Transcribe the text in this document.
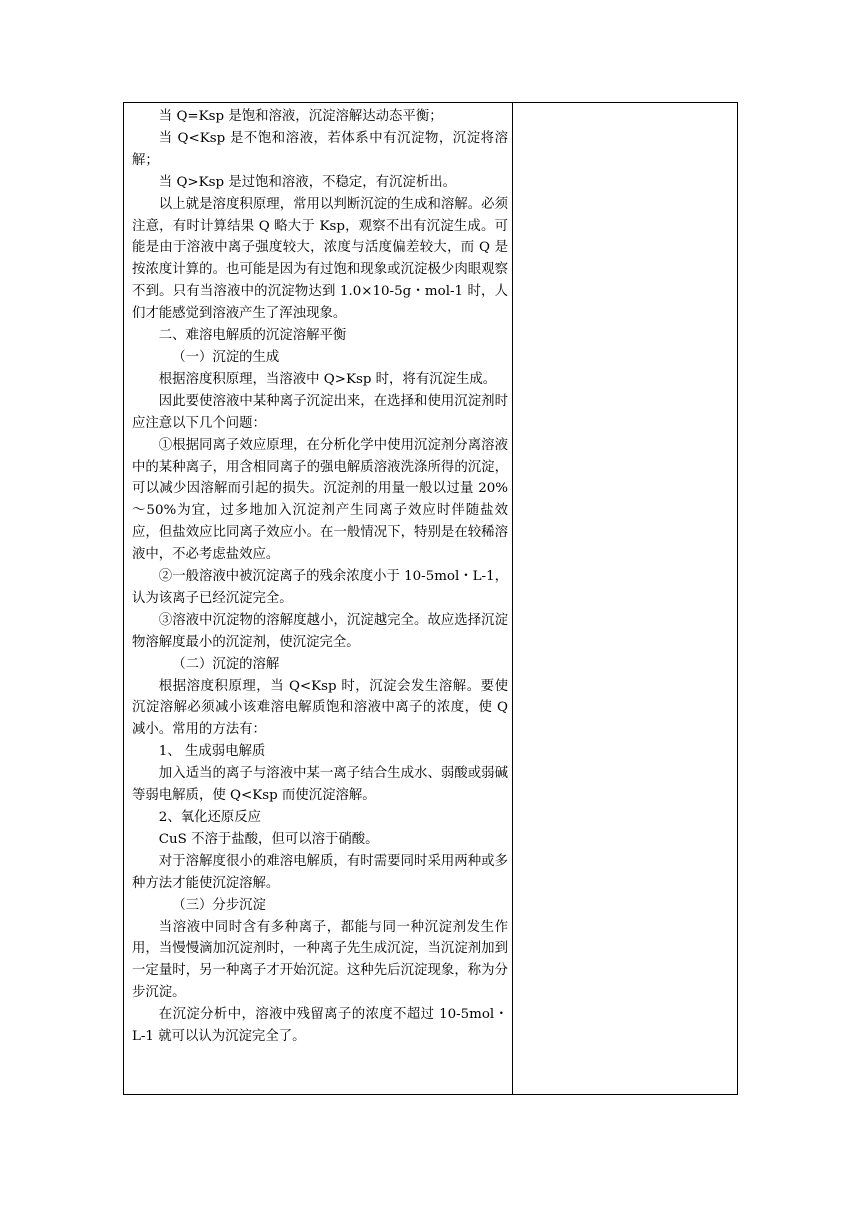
当 Q=Ksp 是饱和溶液，沉淀溶解达动态平衡；

当 Q<Ksp 是不饱和溶液，若体系中有沉淀物，沉淀将溶解；

当 Q>Ksp 是过饱和溶液，不稳定，有沉淀析出。

以上就是溶度积原理，常用以判断沉淀的生成和溶解。必须注意，有时计算结果 Q 略大于 Ksp，观察不出有沉淀生成。可能是由于溶液中离子强度较大，浓度与活度偏差较大，而 Q 是按浓度计算的。也可能是因为有过饱和现象或沉淀极少肉眼观察不到。只有当溶液中的沉淀物达到 1.0×10-5g・mol-1 时，人们才能感觉到溶液产生了浑浊现象。

二、难溶电解质的沉淀溶解平衡

（一）沉淀的生成

根据溶度积原理，当溶液中 Q>Ksp 时，将有沉淀生成。

因此要使溶液中某种离子沉淀出来，在选择和使用沉淀剂时应注意以下几个问题：

①根据同离子效应原理，在分析化学中使用沉淀剂分离溶液中的某种离子，用含相同离子的强电解质溶液洗涤所得的沉淀，可以减少因溶解而引起的损失。沉淀剂的用量一般以过量 20%～50%为宜，过多地加入沉淀剂产生同离子效应时伴随盐效应，但盐效应比同离子效应小。在一般情况下，特别是在较稀溶液中，不必考虑盐效应。

②一般溶液中被沉淀离子的残余浓度小于 10-5mol・L-1，认为该离子已经沉淀完全。

③溶液中沉淀物的溶解度越小，沉淀越完全。故应选择沉淀物溶解度最小的沉淀剂，使沉淀完全。

（二）沉淀的溶解

根据溶度积原理，当 Q<Ksp 时，沉淀会发生溶解。要使沉淀溶解必须减小该难溶电解质饱和溶液中离子的浓度，使 Q 减小。常用的方法有：

1、 生成弱电解质

加入适当的离子与溶液中某一离子结合生成水、弱酸或弱碱等弱电解质，使 Q<Ksp 而使沉淀溶解。

2、氧化还原反应

CuS 不溶于盐酸，但可以溶于硝酸。

对于溶解度很小的难溶电解质，有时需要同时采用两种或多种方法才能使沉淀溶解。

（三）分步沉淀

当溶液中同时含有多种离子，都能与同一种沉淀剂发生作用，当慢慢滴加沉淀剂时，一种离子先生成沉淀，当沉淀剂加到一定量时，另一种离子才开始沉淀。这种先后沉淀现象，称为分步沉淀。

在沉淀分析中，溶液中残留离子的浓度不超过 10-5mol・L-1 就可以认为沉淀完全了。
